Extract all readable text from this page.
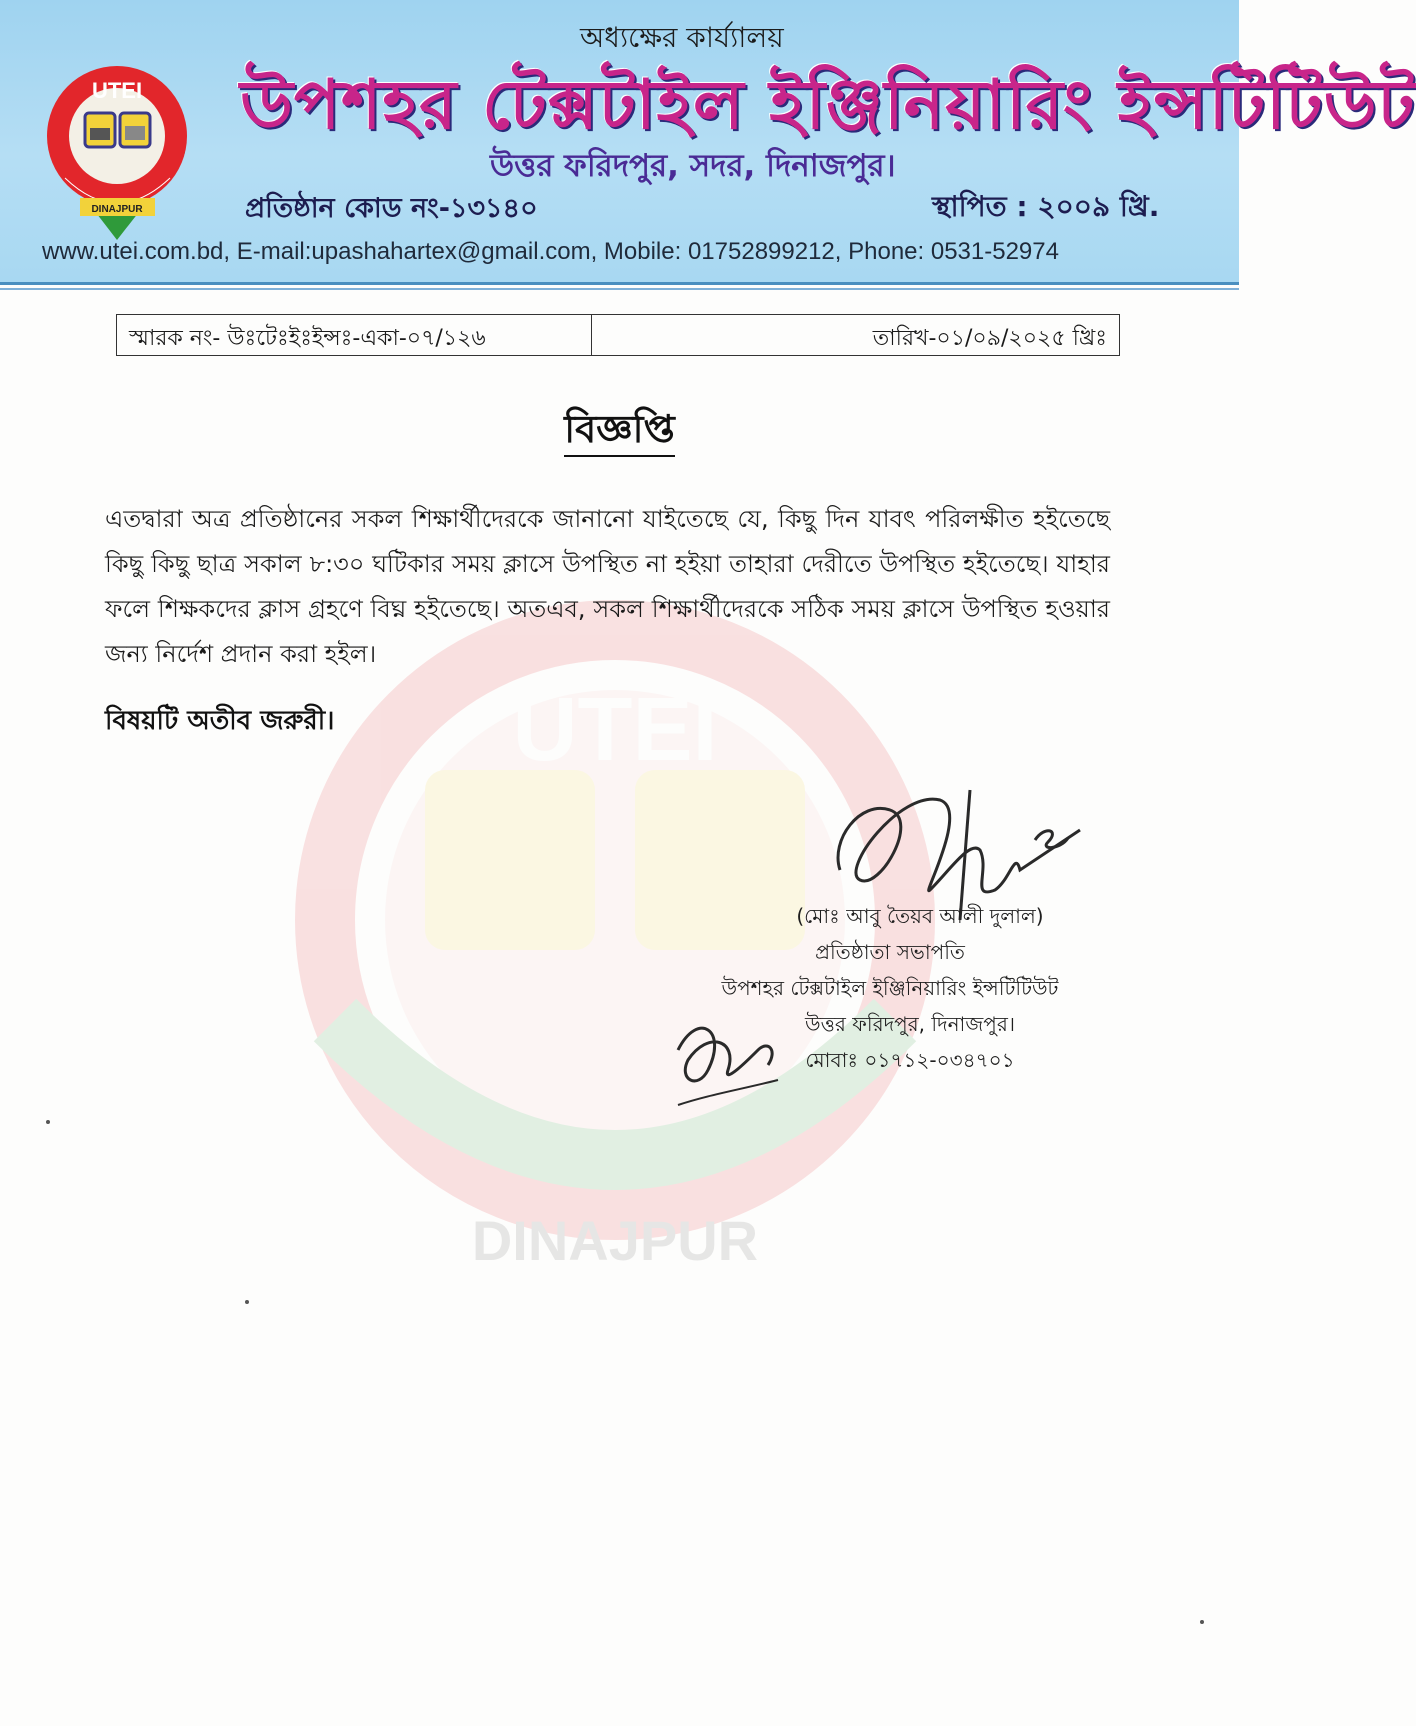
UTEI
DINAJPUR
অধ্যক্ষের কার্য্যালয়
উপশহর টেক্সটাইল ইঞ্জিনিয়ারিং ইন্সটিটিউট
উত্তর ফরিদপুর, সদর, দিনাজপুর।
প্রতিষ্ঠান কোড নং-১৩১৪০	স্থাপিত : ২০০৯ খ্রি.
www.utei.com.bd, E-mail:upashahartex@gmail.com, Mobile: 01752899212, Phone: 0531-52974
UTEI
DINAJPUR
স্মারক নং- উঃটেঃইঃইন্সঃ-একা-০৭/১২৬	তারিখ-০১/০৯/২০২৫ খ্রিঃ
বিজ্ঞপ্তি
এতদ্বারা অত্র প্রতিষ্ঠানের সকল শিক্ষার্থীদেরকে জানানো যাইতেছে যে, কিছু দিন যাবৎ পরিলক্ষীত হইতেছে কিছু কিছু ছাত্র সকাল ৮:৩০ ঘটিকার সময় ক্লাসে উপস্থিত না হইয়া তাহারা দেরীতে উপস্থিত হইতেছে। যাহার ফলে শিক্ষকদের ক্লাস গ্রহণে বিঘ্ন হইতেছে। অতএব, সকল শিক্ষার্থীদেরকে সঠিক সময় ক্লাসে উপস্থিত হওয়ার জন্য নির্দেশ প্রদান করা হইল।
বিষয়টি অতীব জরুরী।
(মোঃ আবু তৈয়ব আলী দুলাল)
প্রতিষ্ঠাতা সভাপতি
উপশহর টেক্সটাইল ইঞ্জিনিয়ারিং ইন্সটিটিউট
উত্তর ফরিদপুর, দিনাজপুর।
মোবাঃ ০১৭১২-০৩৪৭০১
